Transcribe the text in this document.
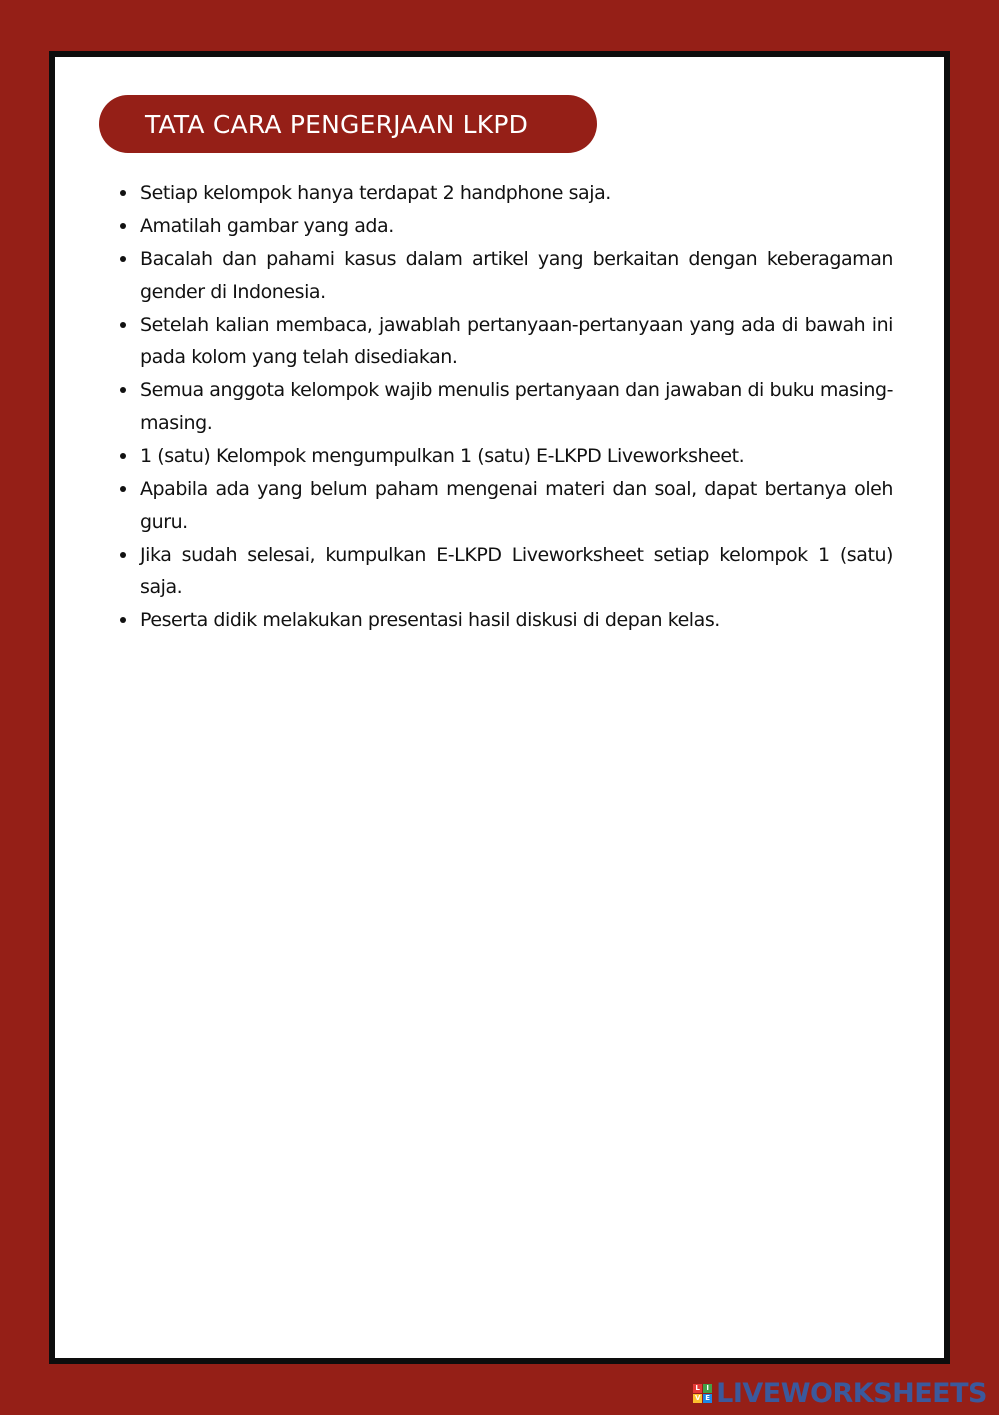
TATA CARA PENGERJAAN LKPD
Setiap kelompok hanya terdapat 2 handphone saja.
Amatilah gambar yang ada.
Bacalah dan pahami kasus dalam artikel yang berkaitan dengan keberagaman gender di Indonesia.
Setelah kalian membaca, jawablah pertanyaan-pertanyaan yang ada di bawah ini pada kolom yang telah disediakan.
Semua anggota kelompok wajib menulis pertanyaan dan jawaban di buku masing-masing.
1 (satu) Kelompok mengumpulkan 1 (satu) E-LKPD Liveworksheet.
Apabila ada yang belum paham mengenai materi dan soal, dapat bertanya oleh guru.
Jika sudah selesai, kumpulkan E-LKPD Liveworksheet setiap kelompok 1 (satu) saja.
Peserta didik melakukan presentasi hasil diskusi di depan kelas.
L I
V E LIVEWORKSHEETS
